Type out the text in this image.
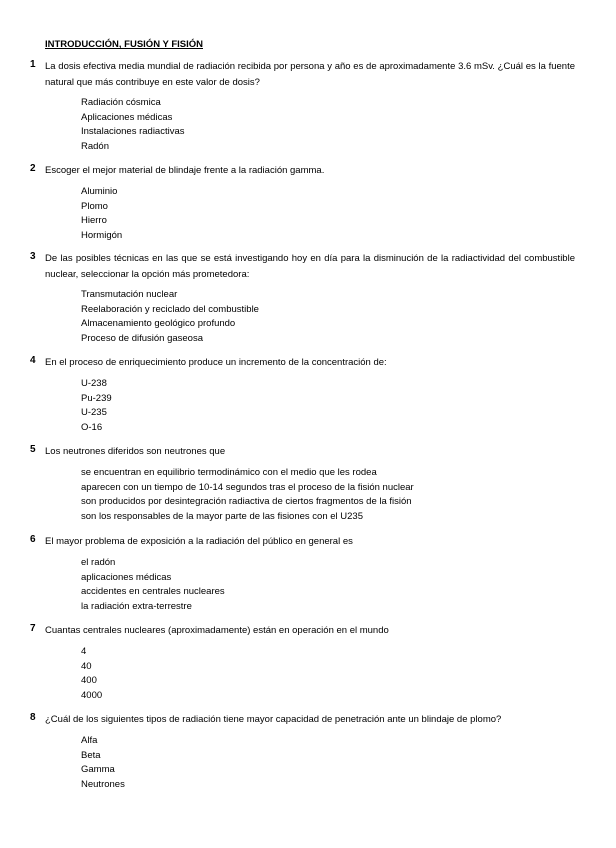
INTRODUCCIÓN, FUSIÓN Y FISIÓN
1 La dosis efectiva media mundial de radiación recibida por persona y año es de aproximadamente 3.6 mSv. ¿Cuál es la fuente natural que más contribuye en este valor de dosis?
Radiación cósmica
Aplicaciones médicas
Instalaciones radiactivas
Radón
2 Escoger el mejor material de blindaje frente a la radiación gamma.
Aluminio
Plomo
Hierro
Hormigón
3 De las posibles técnicas en las que se está investigando hoy en día para la disminución de la radiactividad del combustible nuclear, seleccionar la opción más prometedora:
Transmutación nuclear
Reelaboración y reciclado del combustible
Almacenamiento geológico profundo
Proceso de difusión gaseosa
4 En el proceso de enriquecimiento produce un incremento de la concentración de:
U-238
Pu-239
U-235
O-16
5 Los neutrones diferidos son neutrones que
se encuentran en equilibrio termodinámico con el medio que les rodea
aparecen con un tiempo de 10-14 segundos tras el proceso de la fisión nuclear
son producidos por desintegración radiactiva de ciertos fragmentos de la fisión
son los responsables de la mayor parte de las fisiones con el U235
6 El mayor problema de exposición a la radiación del público en general es
el radón
aplicaciones médicas
accidentes en centrales nucleares
la radiación extra-terrestre
7 Cuantas centrales nucleares (aproximadamente) están en operación en el mundo
4
40
400
4000
8 ¿Cuál de los siguientes tipos de radiación tiene mayor capacidad de penetración ante un blindaje de plomo?
Alfa
Beta
Gamma
Neutrones
